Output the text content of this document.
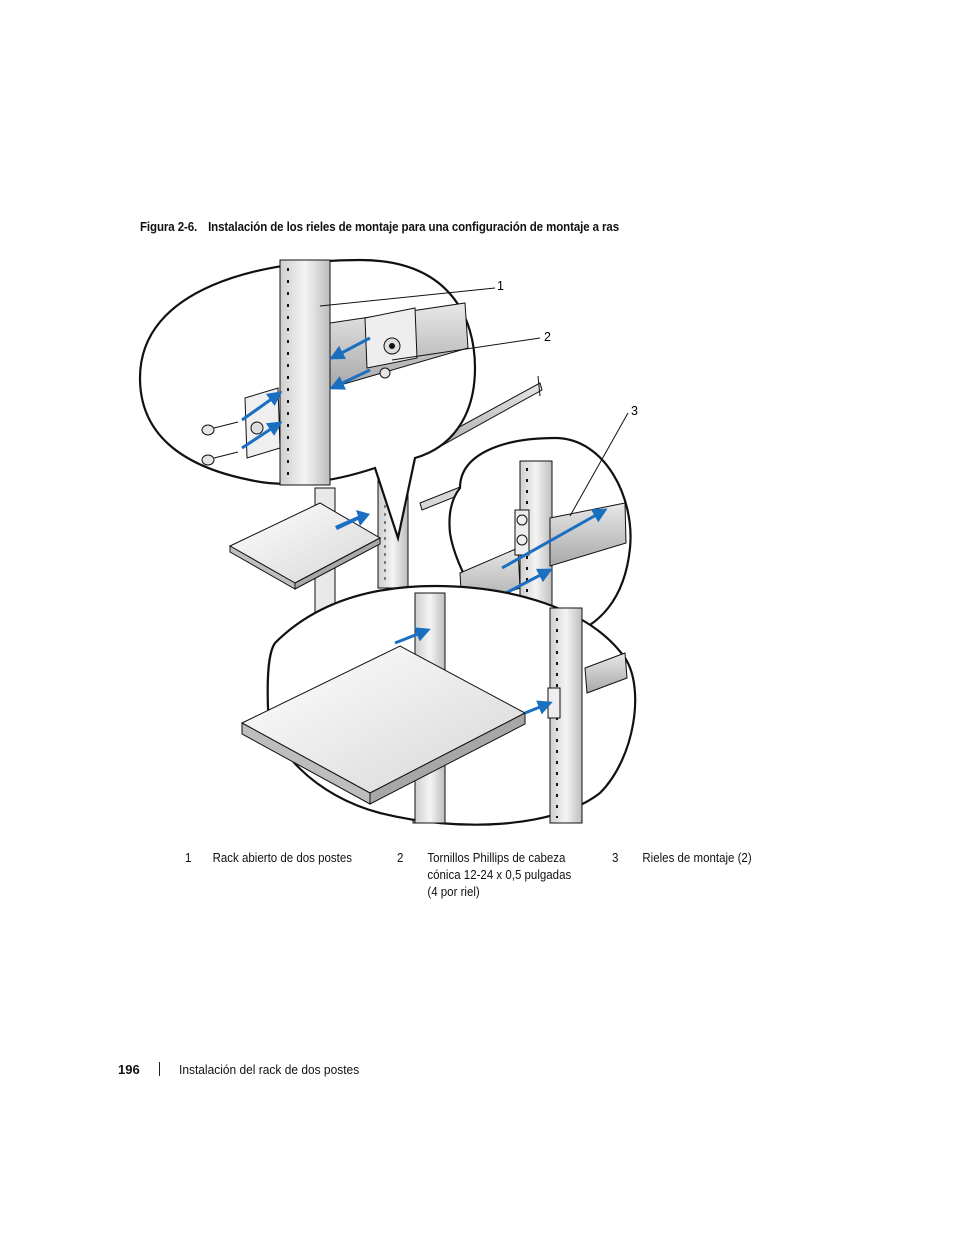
Figura 2-6. Instalación de los rieles de montaje para una configuración de montaje a ras
1
2
3
1 Rack abierto de dos postes	2 Tornillos Phillips de cabeza
cónica 12-24 x 0,5 pulgadas
(4 por riel)
3 Rieles de montaje (2)
196	Instalación del rack de dos postes
